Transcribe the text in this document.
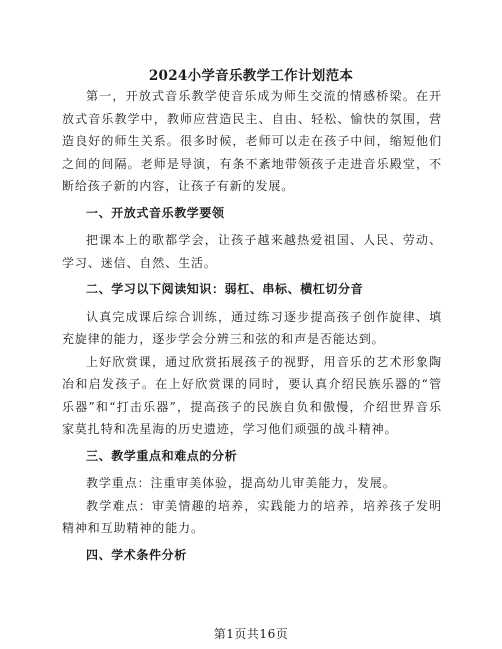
2024小学音乐教学工作计划范本

第一，开放式音乐教学使音乐成为师生交流的情感桥梁。在开放式音乐教学中，教师应营造民主、自由、轻松、愉快的氛围，营造良好的师生关系。很多时候，老师可以走在孩子中间，缩短他们之间的间隔。老师是导演，有条不紊地带领孩子走进音乐殿堂，不断给孩子新的内容，让孩子有新的发展。

一、开放式音乐教学要领

把课本上的歌都学会，让孩子越来越热爱祖国、人民、劳动、学习、迷信、自然、生活。

二、学习以下阅读知识：弱杠、串标、横杠切分音

认真完成课后综合训练，通过练习逐步提高孩子创作旋律、填充旋律的能力，逐步学会分辨三和弦的和声是否能达到。

上好欣赏课，通过欣赏拓展孩子的视野，用音乐的艺术形象陶冶和启发孩子。在上好欣赏课的同时，要认真介绍民族乐器的“管乐器”和“打击乐器”，提高孩子的民族自负和傲慢，介绍世界音乐家莫扎特和冼星海的历史遗迹，学习他们顽强的战斗精神。

三、教学重点和难点的分析

教学重点：注重审美体验，提高幼儿审美能力，发展。

教学难点：审美情趣的培养，实践能力的培养，培养孩子发明精神和互助精神的能力。

四、学术条件分析
第1页共16页
